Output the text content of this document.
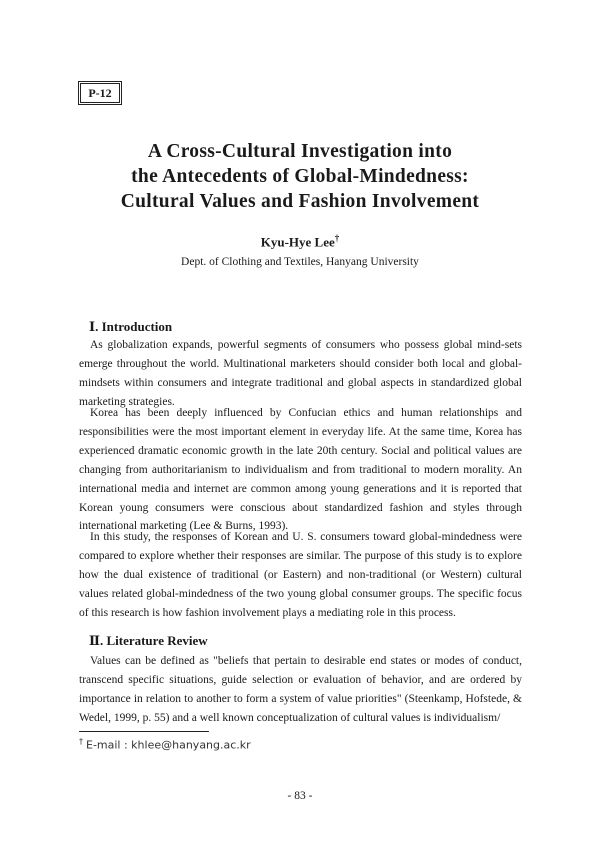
P-12
A Cross-Cultural Investigation into
the Antecedents of Global-Mindedness:
Cultural Values and Fashion Involvement
Kyu-Hye Lee†
Dept. of Clothing and Textiles, Hanyang University
Ⅰ. Introduction
As globalization expands, powerful segments of consumers who possess global mind-sets emerge throughout the world. Multinational marketers should consider both local and global-mindsets within consumers and integrate traditional and global aspects in standardized global marketing strategies.
Korea has been deeply influenced by Confucian ethics and human relationships and responsibilities were the most important element in everyday life. At the same time, Korea has experienced dramatic economic growth in the late 20th century. Social and political values are changing from authoritarianism to individualism and from traditional to modern morality. An international media and internet are common among young generations and it is reported that Korean young consumers were conscious about standardized fashion and styles through international marketing (Lee & Burns, 1993).
In this study, the responses of Korean and U. S. consumers toward global-mindedness were compared to explore whether their responses are similar. The purpose of this study is to explore how the dual existence of traditional (or Eastern) and non-traditional (or Western) cultural values related global-mindedness of the two young global consumer groups. The specific focus of this research is how fashion involvement plays a mediating role in this process.
Ⅱ. Literature Review
Values can be defined as "beliefs that pertain to desirable end states or modes of conduct, transcend specific situations, guide selection or evaluation of behavior, and are ordered by importance in relation to another to form a system of value priorities" (Steenkamp, Hofstede, & Wedel, 1999, p. 55) and a well known conceptualization of cultural values is individualism/
† E-mail : khlee@hanyang.ac.kr
- 83 -
